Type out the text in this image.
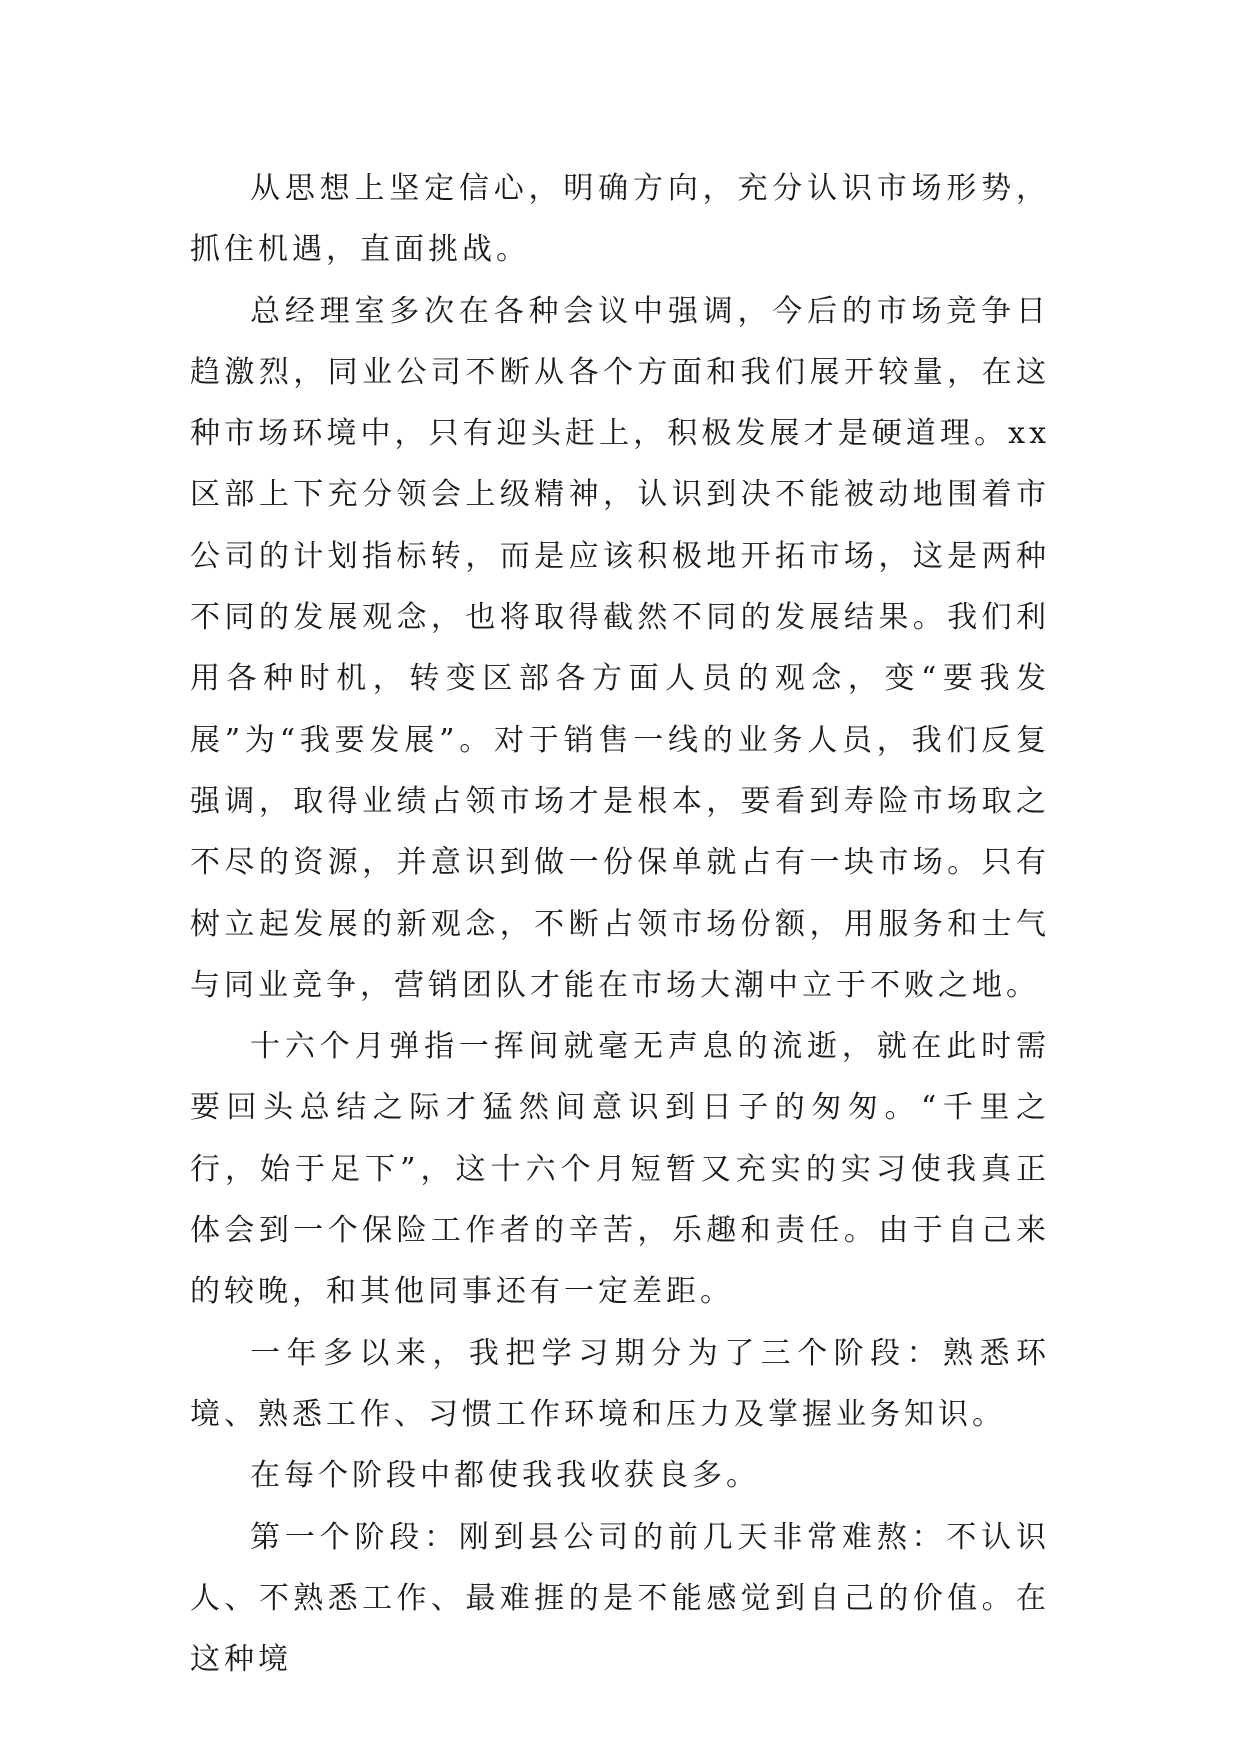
从思想上坚定信心，明确方向，充分认识市场形势，抓住机遇，直面挑战。

总经理室多次在各种会议中强调，今后的市场竞争日趋激烈，同业公司不断从各个方面和我们展开较量，在这种市场环境中，只有迎头赶上，积极发展才是硬道理。xx区部上下充分领会上级精神，认识到决不能被动地围着市公司的计划指标转，而是应该积极地开拓市场，这是两种不同的发展观念，也将取得截然不同的发展结果。我们利用各种时机，转变区部各方面人员的观念，变“要我发展”为“我要发展”。对于销售一线的业务人员，我们反复强调，取得业绩占领市场才是根本，要看到寿险市场取之不尽的资源，并意识到做一份保单就占有一块市场。只有树立起发展的新观念，不断占领市场份额，用服务和士气与同业竞争，营销团队才能在市场大潮中立于不败之地。

十六个月弹指一挥间就毫无声息的流逝，就在此时需要回头总结之际才猛然间意识到日子的匆匆。“千里之行，始于足下”，这十六个月短暂又充实的实习使我真正体会到一个保险工作者的辛苦，乐趣和责任。由于自己来的较晚，和其他同事还有一定差距。

一年多以来，我把学习期分为了三个阶段：熟悉环境、熟悉工作、习惯工作环境和压力及掌握业务知识。

在每个阶段中都使我我收获良多。

第一个阶段：刚到县公司的前几天非常难熬：不认识人、不熟悉工作、最难捱的是不能感觉到自己的价值。在这种境
